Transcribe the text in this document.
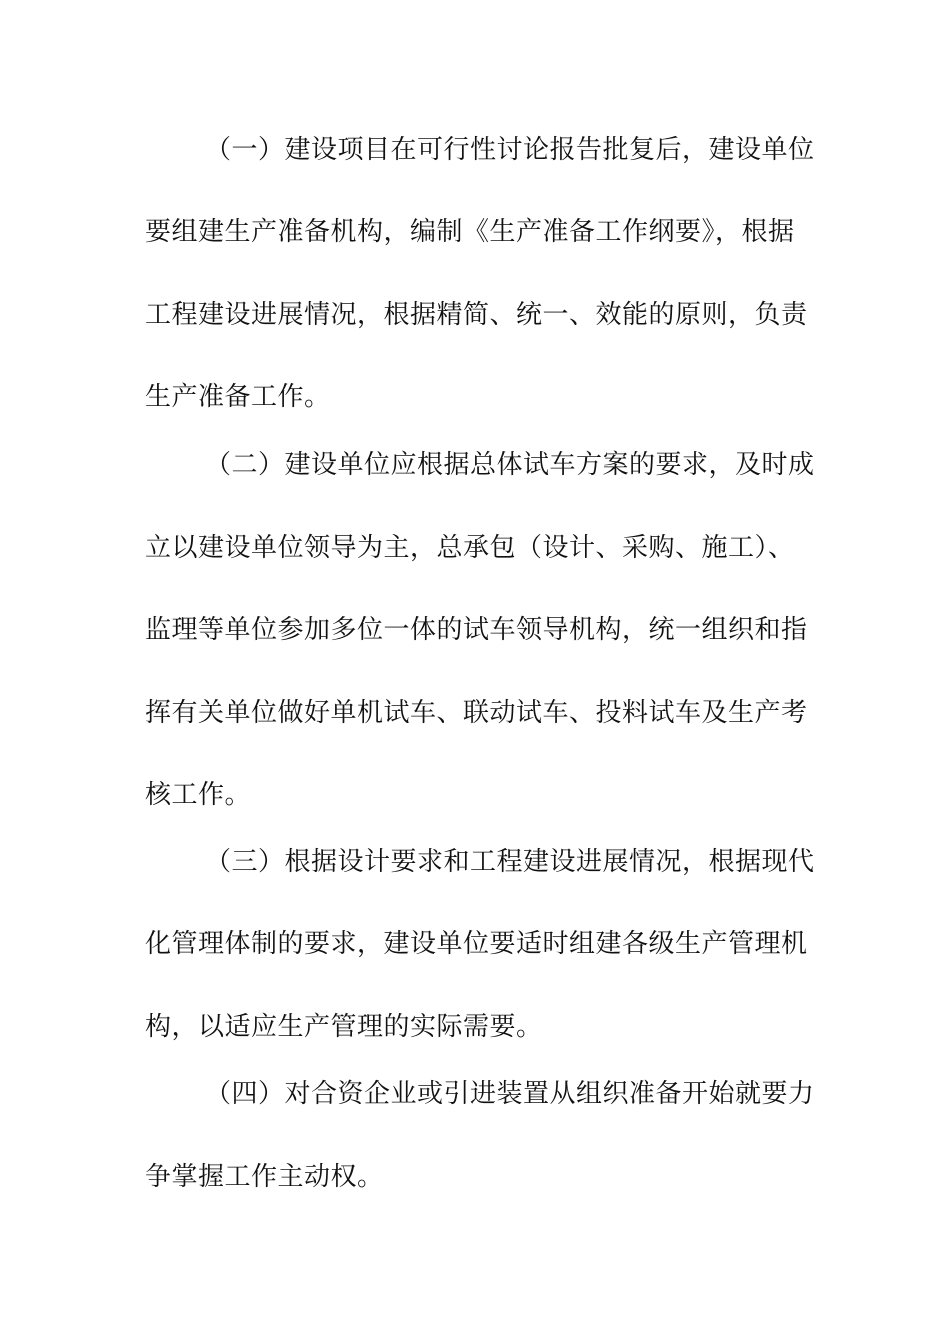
（一）建设项目在可行性讨论报告批复后，建设单位
要组建生产准备机构，编制《生产准备工作纲要》，根据
工程建设进展情况，根据精简、统一、效能的原则，负责
生产准备工作。
（二）建设单位应根据总体试车方案的要求，及时成
立以建设单位领导为主，总承包（设计、采购、施工）、
监理等单位参加多位一体的试车领导机构，统一组织和指
挥有关单位做好单机试车、联动试车、投料试车及生产考
核工作。
（三）根据设计要求和工程建设进展情况，根据现代
化管理体制的要求，建设单位要适时组建各级生产管理机
构，以适应生产管理的实际需要。
（四）对合资企业或引进装置从组织准备开始就要力
争掌握工作主动权。
